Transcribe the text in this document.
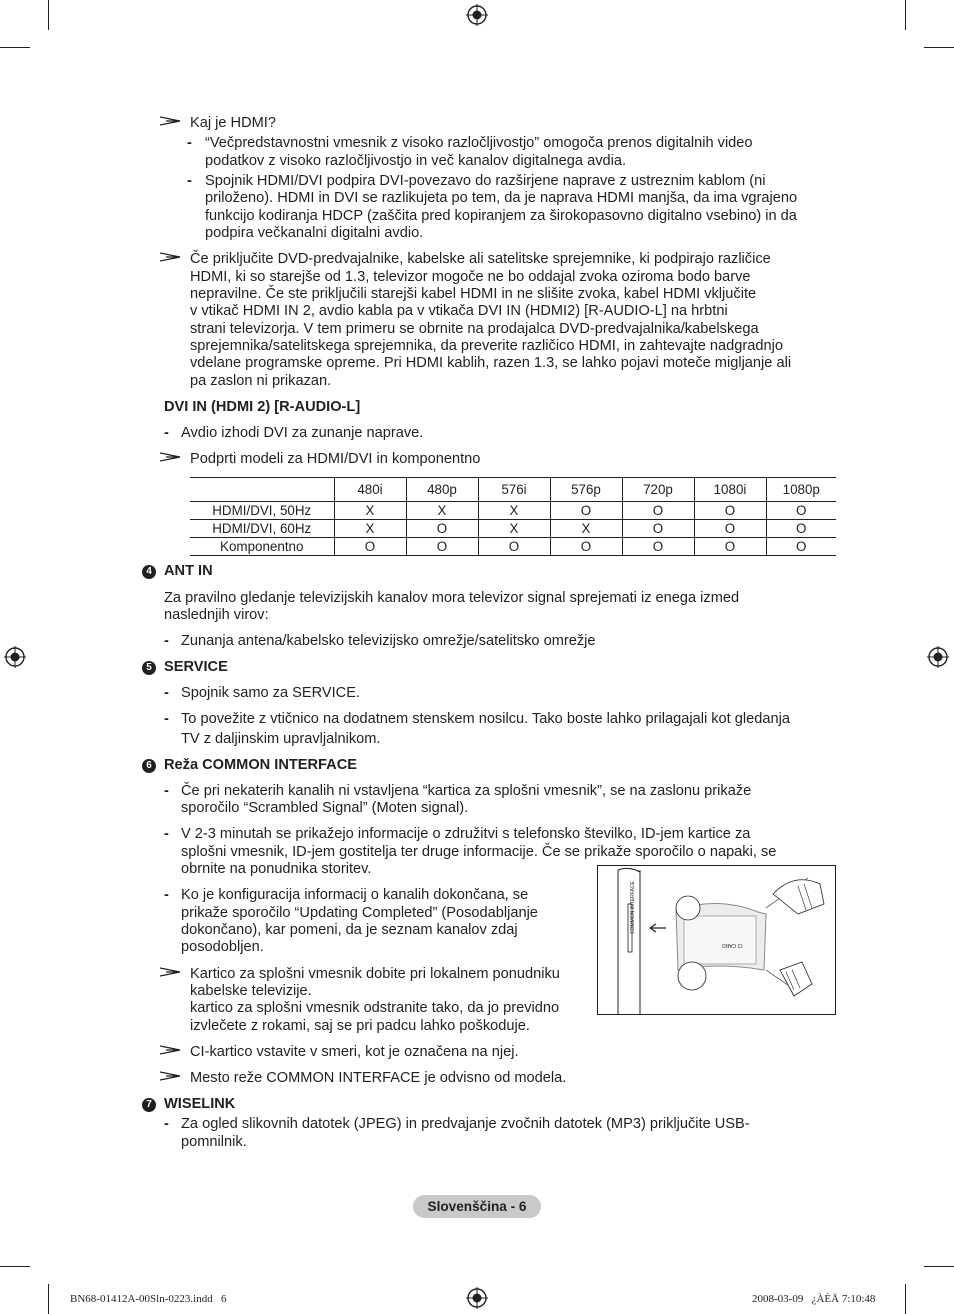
Kaj je HDMI?
- “Večpredstavnostni vmesnik z visoko razločljivostjo” omogoča prenos digitalnih video
podatkov z visoko razločljivostjo in več kanalov digitalnega avdia.
- Spojnik HDMI/DVI podpira DVI-povezavo do razširjene naprave z ustreznim kablom (ni
priloženo). HDMI in DVI se razlikujeta po tem, da je naprava HDMI manjša, da ima vgrajeno
funkcijo kodiranja HDCP (zaščita pred kopiranjem za širokopasovno digitalno vsebino) in da
podpira večkanalni digitalni avdio.
Če priključite DVD-predvajalnike, kabelske ali satelitske sprejemnike, ki podpirajo različice
HDMI, ki so starejše od 1.3, televizor mogoče ne bo oddajal zvoka oziroma bodo barve
nepravilne. Če ste priključili starejši kabel HDMI in ne slišite zvoka, kabel HDMI vključite
v vtikač HDMI IN 2, avdio kabla pa v vtikača DVI IN (HDMI2) [R-AUDIO-L] na hrbtni
strani televizorja. V tem primeru se obrnite na prodajalca DVD-predvajalnika/kabelskega
sprejemnika/satelitskega sprejemnika, da preverite različico HDMI, in zahtevajte nadgradnjo
vdelane programske opreme. Pri HDMI kablih, razen 1.3, se lahko pojavi moteče migljanje ali
pa zaslon ni prikazan.
DVI IN (HDMI 2) [R-AUDIO-L]
- Avdio izhodi DVI za zunanje naprave.
Podprti modeli za HDMI/DVI in komponentno
	480i	480p	576i	576p	720p	1080i	1080p
HDMI/DVI, 50Hz	X	X	X	O	O	O	O
HDMI/DVI, 60Hz	X	O	X	X	O	O	O
Komponentno	O	O	O	O	O	O	O
4 ANT IN
Za pravilno gledanje televizijskih kanalov mora televizor signal sprejemati iz enega izmed
naslednjih virov:
- Zunanja antena/kabelsko televizijsko omrežje/satelitsko omrežje
5 SERVICE
- Spojnik samo za SERVICE.
- To povežite z vtičnico na dodatnem stenskem nosilcu. Tako boste lahko prilagajali kot gledanja
TV z daljinskim upravljalnikom.
6 Reža COMMON INTERFACE
- Če pri nekaterih kanalih ni vstavljena “kartica za splošni vmesnik”, se na zaslonu prikaže
sporočilo “Scrambled Signal” (Moten signal).
- V 2-3 minutah se prikažejo informacije o združitvi s telefonsko številko, ID-jem kartice za
splošni vmesnik, ID-jem gostitelja ter druge informacije. Če se prikaže sporočilo o napaki, se
obrnite na ponudnika storitev.
- Ko je konfiguracija informacij o kanalih dokončana, se
prikaže sporočilo “Updating Completed” (Posodabljanje
dokončano), kar pomeni, da je seznam kanalov zdaj
posodobljen.
Kartico za splošni vmesnik dobite pri lokalnem ponudniku
kabelske televizije.
kartico za splošni vmesnik odstranite tako, da jo previdno
izvlečete z rokami, saj se pri padcu lahko poškoduje.
CI-kartico vstavite v smeri, kot je označena na njej.
Mesto reže COMMON INTERFACE je odvisno od modela.
COMMON INTERFACE
CI CARD
7 WISELINK
- Za ogled slikovnih datotek (JPEG) in predvajanje zvočnih datotek (MP3) priključite USB-
pomnilnik.
Slovenščina - 6
BN68-01412A-00Sln-0223.indd   6	2008-03-09   ¿ÀÈÄ 7:10:48
